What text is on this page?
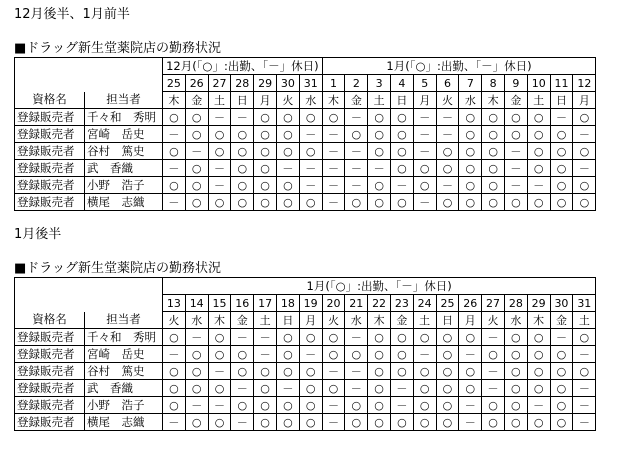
12月後半、1月前半
■ドラッグ新生堂薬院店の勤務状況
		12月(「○」:出勤、「－」休日)							1月(「○」:出勤、「－」休日)											
		25	26	27	28	29	30	31	1	2	3	4	5	6	7	8	9	10	11	12
資格名	担当者	木	金	土	日	月	火	水	木	金	土	日	月	火	水	木	金	土	日	月
登録販売者	千々和　秀明	○	○	－	－	○	○	○	○	－	○	○	－	－	○	○	○	○	－	○
登録販売者	宮崎　岳史	－	○	○	○	○	○	－	－	○	○	○	－	－	○	○	○	○	○	－
登録販売者	谷村　篤史	○	－	○	○	○	○	○	－	－	○	○	－	○	○	○	－	○	○	○
登録販売者	武　香織	－	○	－	○	○	－	－	－	－	－	○	○	○	○	○	－	○	○	－
登録販売者	小野　浩子	○	○	－	○	○	○	－	－	－	○	－	○	－	○	○	－	－	○	○
登録販売者	横尾　志織	－	○	○	○	○	○	○	－	○	○	○	－	○	○	○	○	○	○	○
1月後半
■ドラッグ新生堂薬院店の勤務状況
		1月(「○」:出勤、「－」休日)																		
		13	14	15	16	17	18	19	20	21	22	23	24	25	26	27	28	29	30	31
資格名	担当者	火	水	木	金	土	日	月	火	水	木	金	土	日	月	火	水	木	金	土
登録販売者	千々和　秀明	○	－	○	－	－	○	○	○	－	○	○	○	○	○	－	○	○	－	○
登録販売者	宮崎　岳史	－	○	○	○	－	○	－	○	○	○	○	－	○	－	○	○	○	○	－
登録販売者	谷村　篤史	○	○	－	○	○	○	○	－	－	○	○	○	○	○	－	○	○	○	○
登録販売者	武　香織	○	○	○	－	○	－	○	○	－	○	－	○	○	○	－	○	○	○	－
登録販売者	小野　浩子	○	－	－	○	○	○	○	－	○	○	－	○	○	－	○	○	－	○	－
登録販売者	横尾　志織	－	○	○	－	○	○	○	－	○	○	○	○	○	－	○	○	○	○	－
